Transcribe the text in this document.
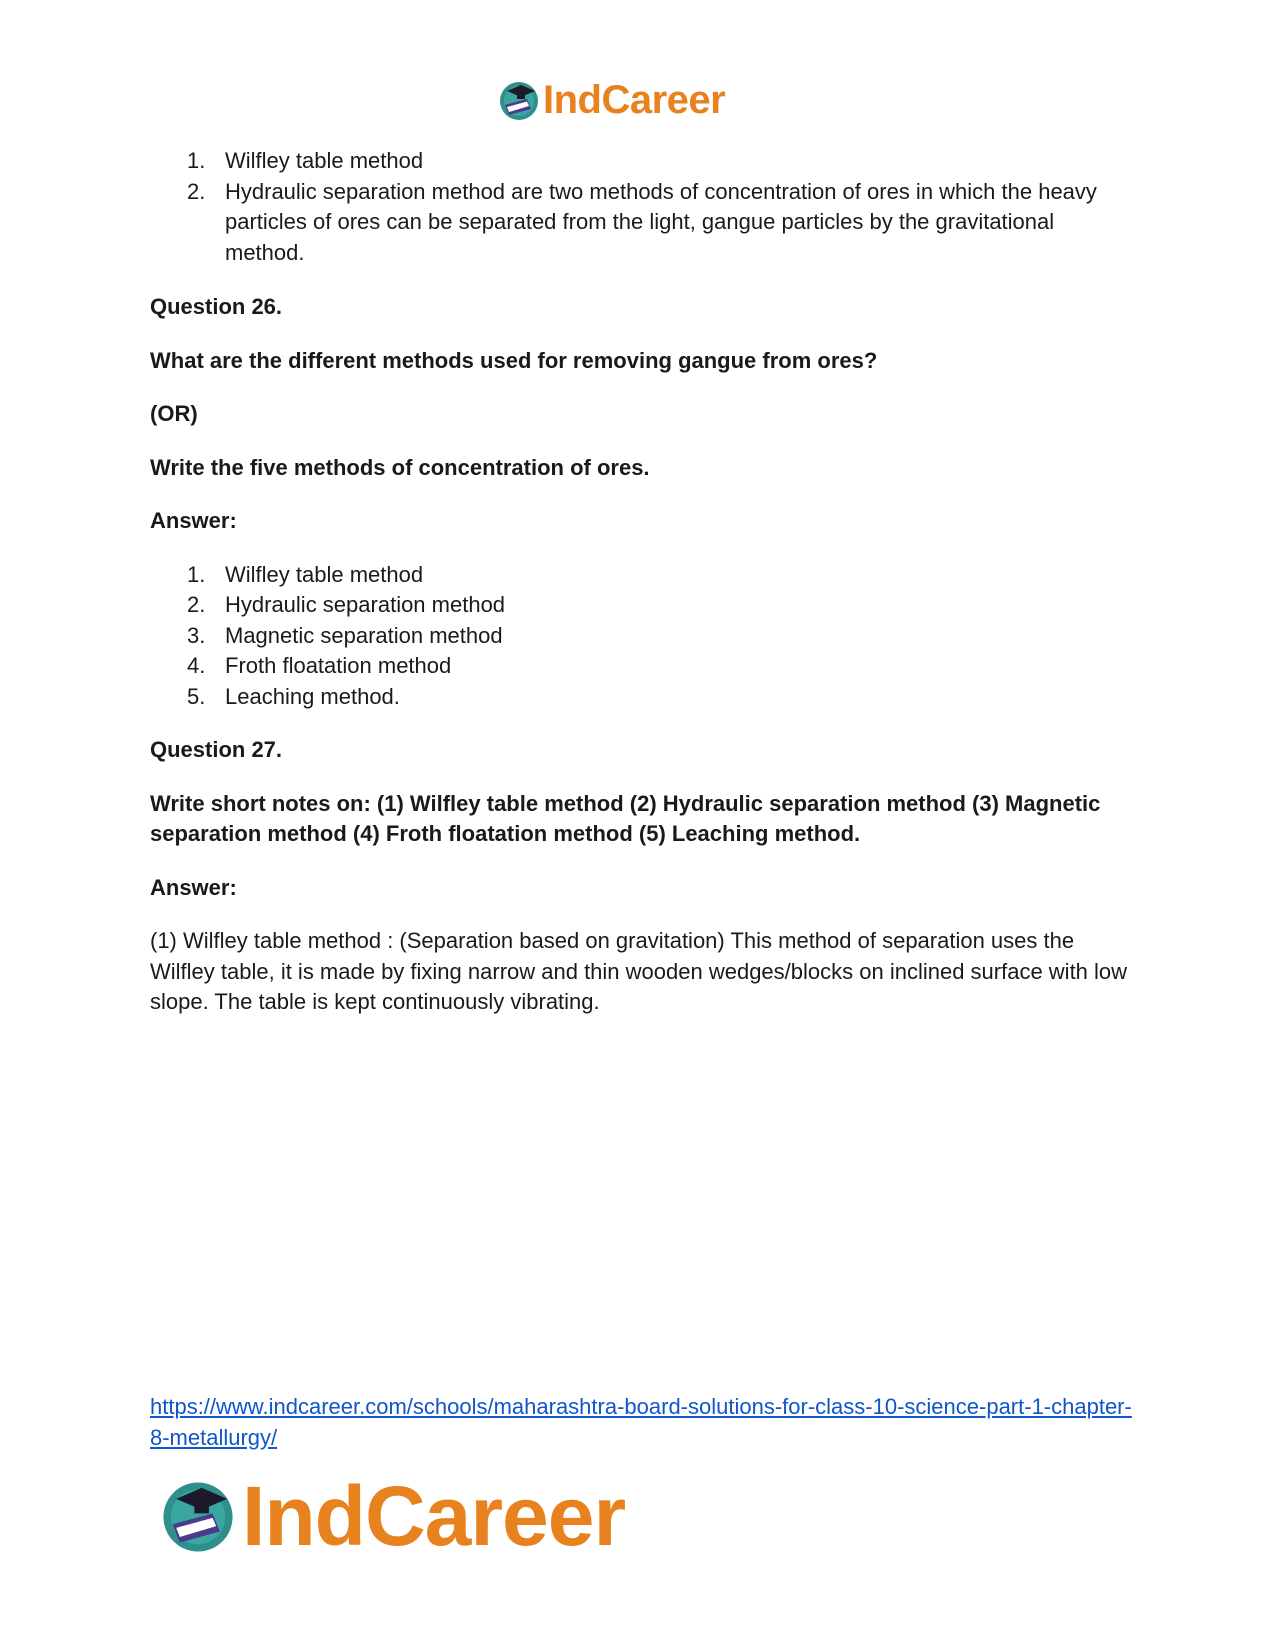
IndCareer
1. Wilfley table method
2. Hydraulic separation method are two methods of concentration of ores in which the heavy particles of ores can be separated from the light, gangue particles by the gravitational method.

Question 26.

What are the different methods used for removing gangue from ores?

(OR)

Write the five methods of concentration of ores.

Answer:

1. Wilfley table method
2. Hydraulic separation method
3. Magnetic separation method
4. Froth floatation method
5. Leaching method.

Question 27.

Write short notes on: (1) Wilfley table method (2) Hydraulic separation method (3) Magnetic separation method (4) Froth floatation method (5) Leaching method.

Answer:

(1) Wilfley table method : (Separation based on gravitation) This method of separation uses the Wilfley table, it is made by fixing narrow and thin wooden wedges/blocks on inclined surface with low slope. The table is kept continuously vibrating.

https://www.indcareer.com/schools/maharashtra-board-solutions-for-class-10-science-part-1-chapter-8-metallurgy/
IndCareer
